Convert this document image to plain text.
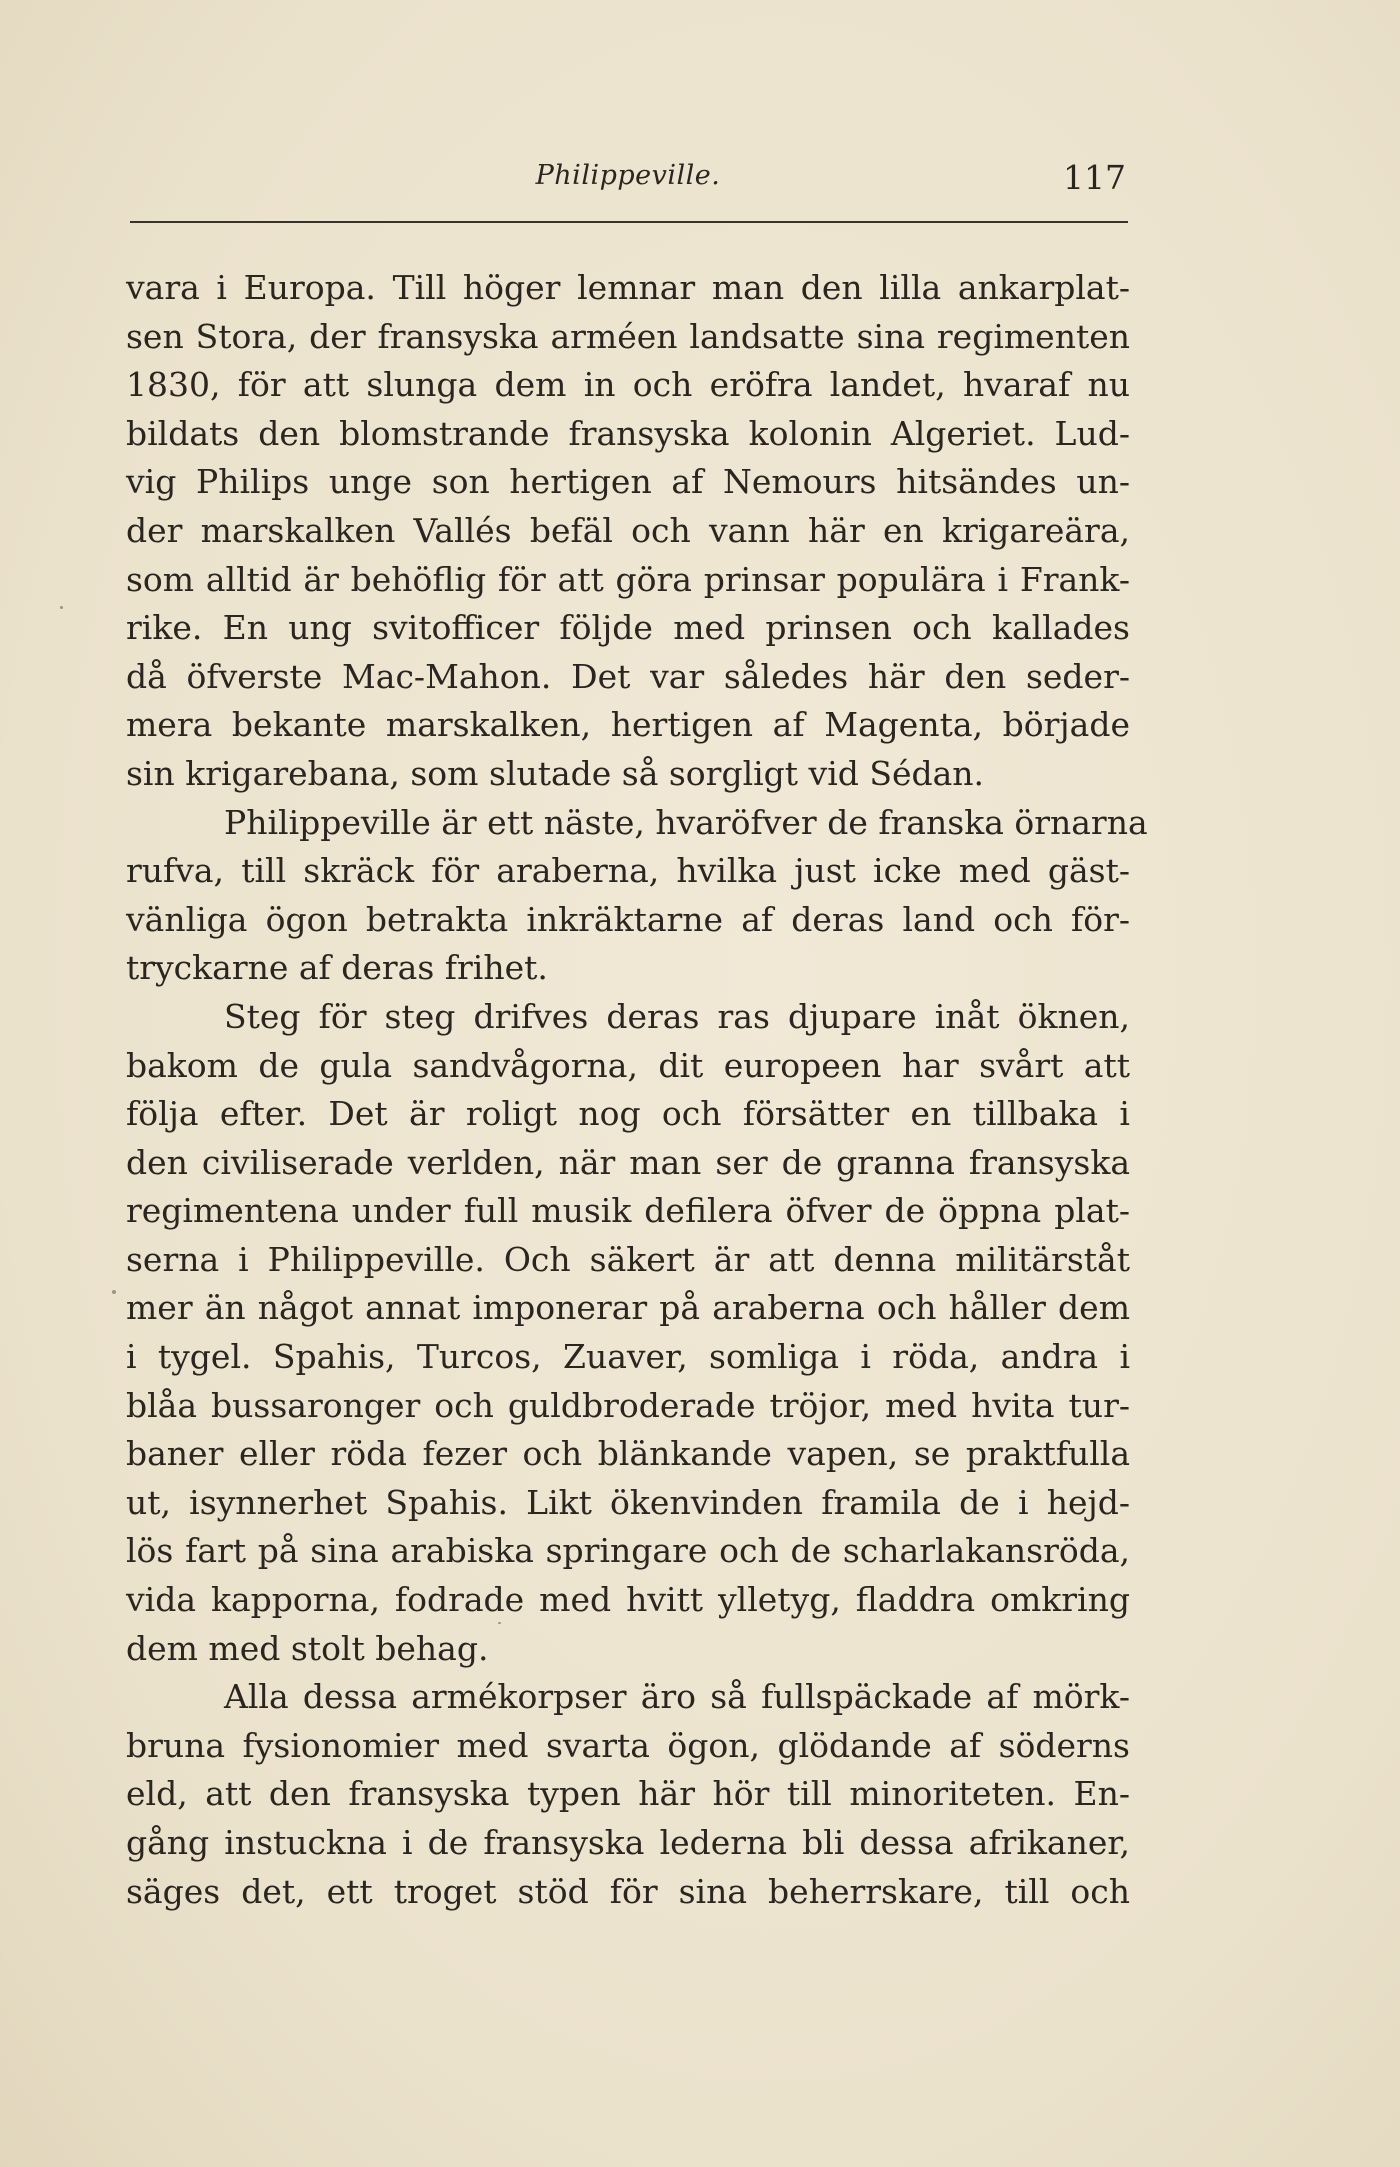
Philippeville.	117
vara i Europa. Till höger lemnar man den lilla ankarplat-
sen Stora, der fransyska arméen landsatte sina regimenten
1830, för att slunga dem in och eröfra landet, hvaraf nu
bildats den blomstrande fransyska kolonin Algeriet. Lud-
vig Philips unge son hertigen af Nemours hitsändes un-
der marskalken Vallés befäl och vann här en krigareära,
som alltid är behöflig för att göra prinsar populära i Frank-
rike. En ung svitofficer följde med prinsen och kallades
då öfverste Mac-Mahon. Det var således här den seder-
mera bekante marskalken, hertigen af Magenta, började
sin krigarebana, som slutade så sorgligt vid Sédan.
Philippeville är ett näste, hvaröfver de franska örnarna
rufva, till skräck för araberna, hvilka just icke med gäst-
vänliga ögon betrakta inkräktarne af deras land och för-
tryckarne af deras frihet.
Steg för steg drifves deras ras djupare inåt öknen,
bakom de gula sandvågorna, dit europeen har svårt att
följa efter. Det är roligt nog och försätter en tillbaka i
den civiliserade verlden, när man ser de granna fransyska
regimentena under full musik defilera öfver de öppna plat-
serna i Philippeville. Och säkert är att denna militärståt
mer än något annat imponerar på araberna och håller dem
i tygel. Spahis, Turcos, Zuaver, somliga i röda, andra i
blåa bussaronger och guldbroderade tröjor, med hvita tur-
baner eller röda fezer och blänkande vapen, se praktfulla
ut, isynnerhet Spahis. Likt ökenvinden framila de i hejd-
lös fart på sina arabiska springare och de scharlakansröda,
vida kapporna, fodrade med hvitt ylletyg, fladdra omkring
dem med stolt behag.
Alla dessa armékorpser äro så fullspäckade af mörk-
bruna fysionomier med svarta ögon, glödande af söderns
eld, att den fransyska typen här hör till minoriteten. En-
gång instuckna i de fransyska lederna bli dessa afrikaner,
säges det, ett troget stöd för sina beherrskare, till och
